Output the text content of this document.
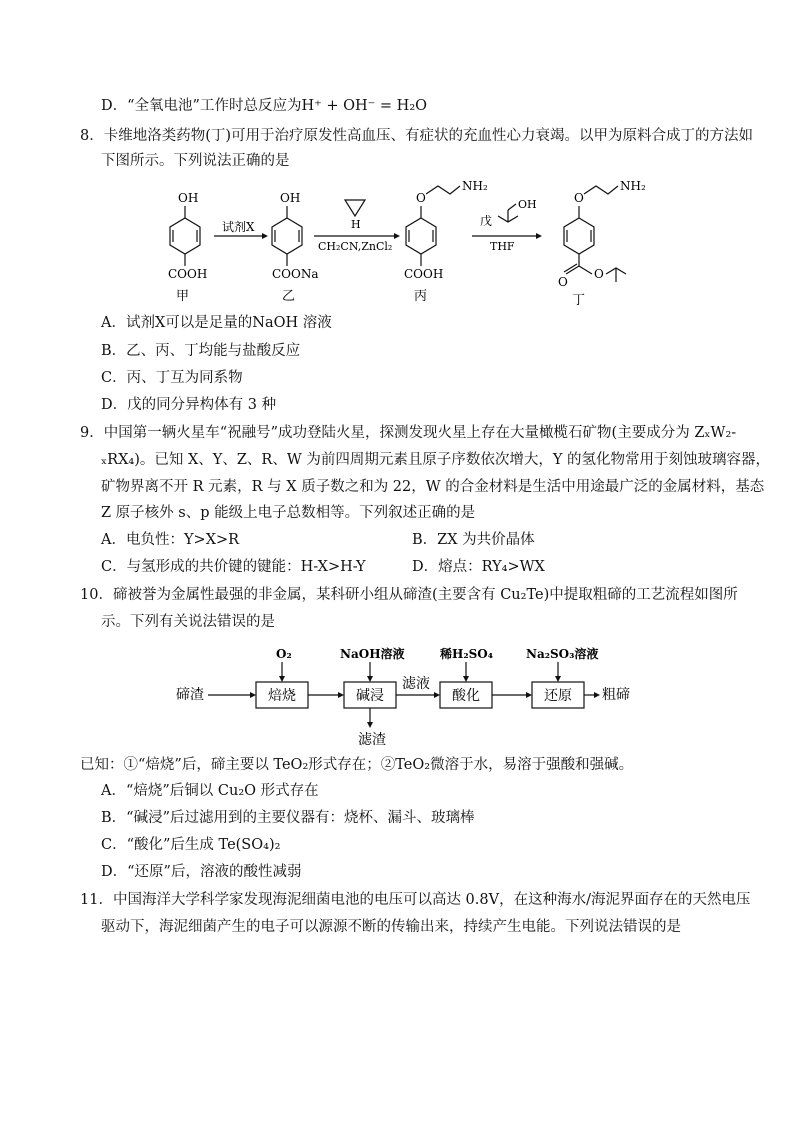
D．“全氧电池”工作时总反应为H⁺ + OH⁻ = H₂O
8．卡维地洛类药物(丁)可用于治疗原发性高血压、有症状的充血性心力衰竭。以甲为原料合成丁的方法如
下图所示。下列说法正确的是
OH
COOH
甲
试剂X
OH
COONa
乙
H
CH₂CN,ZnCl₂
O
NH₂
COOH
丙
戊
OH
THF
O
NH₂
O
O
丁
A．试剂X可以是足量的NaOH 溶液
B．乙、丙、丁均能与盐酸反应
C．丙、丁互为同系物
D．戊的同分异构体有 3 种
9．中国第一辆火星车“祝融号”成功登陆火星，探测发现火星上存在大量橄榄石矿物(主要成分为 ZₓW₂-
ₓRX₄)。已知 X、Y、Z、R、W 为前四周期元素且原子序数依次增大，Y 的氢化物常用于刻蚀玻璃容器，
矿物界离不开 R 元素，R 与 X 质子数之和为 22，W 的合金材料是生活中用途最广泛的金属材料，基态
Z 原子核外 s、p 能级上电子总数相等。下列叙述正确的是
A．电负性：Y>X>R	B．ZX 为共价晶体
C．与氢形成的共价键的键能：H-X>H-Y	D．熔点：RY₄>WX
10．碲被誉为金属性最强的非金属，某科研小组从碲渣(主要含有 Cu₂Te)中提取粗碲的工艺流程如图所
示。下列有关说法错误的是
碲渣	焙烧
O₂
碱浸
NaOH溶液
滤渣
滤液
酸化
稀H₂SO₄
还原
Na₂SO₃溶液
粗碲
已知：①“焙烧”后，碲主要以 TeO₂形式存在；②TeO₂微溶于水，易溶于强酸和强碱。
A．“焙烧”后铜以 Cu₂O 形式存在
B．“碱浸”后过滤用到的主要仪器有：烧杯、漏斗、玻璃棒
C．“酸化”后生成 Te(SO₄)₂
D．“还原”后，溶液的酸性减弱
11．中国海洋大学科学家发现海泥细菌电池的电压可以高达 0.8V，在这种海水/海泥界面存在的天然电压
驱动下，海泥细菌产生的电子可以源源不断的传输出来，持续产生电能。下列说法错误的是
